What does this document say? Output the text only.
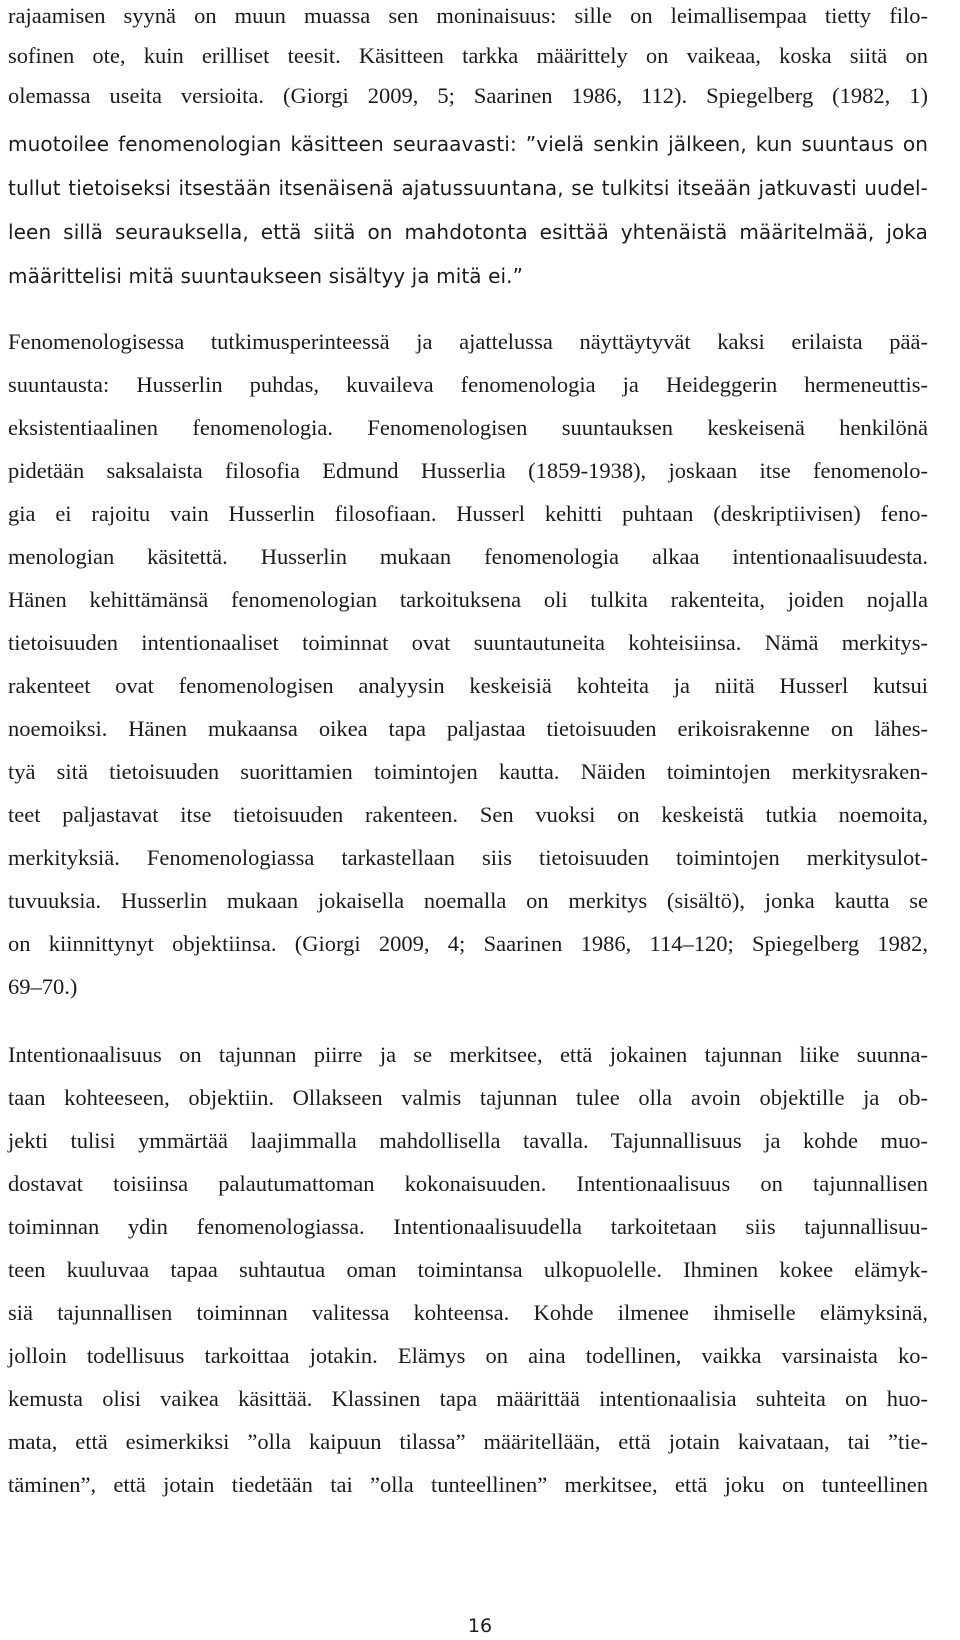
rajaamisen syynä on muun muassa sen moninaisuus: sille on leimallisempaa tietty filo-
sofinen ote, kuin erilliset teesit. Käsitteen tarkka määrittely on vaikeaa, koska siitä on
olemassa useita versioita. (Giorgi 2009, 5; Saarinen 1986, 112). Spiegelberg (1982, 1)
muotoilee fenomenologian käsitteen seuraavasti: ”vielä senkin jälkeen, kun suuntaus on
tullut tietoiseksi itsestään itsenäisenä ajatussuuntana, se tulkitsi itseään jatkuvasti uudel-
leen sillä seurauksella, että siitä on mahdotonta esittää yhtenäistä määritelmää, joka
määrittelisi mitä suuntaukseen sisältyy ja mitä ei.”
Fenomenologisessa tutkimusperinteessä ja ajattelussa näyttäytyvät kaksi erilaista pää-
suuntausta: Husserlin puhdas, kuvaileva fenomenologia ja Heideggerin hermeneuttis-
eksistentiaalinen fenomenologia. Fenomenologisen suuntauksen keskeisenä henkilönä
pidetään saksalaista filosofia Edmund Husserlia (1859-1938), joskaan itse fenomenolo-
gia ei rajoitu vain Husserlin filosofiaan. Husserl kehitti puhtaan (deskriptiivisen) feno-
menologian käsitettä. Husserlin mukaan fenomenologia alkaa intentionaalisuudesta.
Hänen kehittämänsä fenomenologian tarkoituksena oli tulkita rakenteita, joiden nojalla
tietoisuuden intentionaaliset toiminnat ovat suuntautuneita kohteisiinsa. Nämä merkitys-
rakenteet ovat fenomenologisen analyysin keskeisiä kohteita ja niitä Husserl kutsui
noemoiksi. Hänen mukaansa oikea tapa paljastaa tietoisuuden erikoisrakenne on lähes-
tyä sitä tietoisuuden suorittamien toimintojen kautta. Näiden toimintojen merkitysraken-
teet paljastavat itse tietoisuuden rakenteen. Sen vuoksi on keskeistä tutkia noemoita,
merkityksiä. Fenomenologiassa tarkastellaan siis tietoisuuden toimintojen merkitysulot-
tuvuuksia. Husserlin mukaan jokaisella noemalla on merkitys (sisältö), jonka kautta se
on kiinnittynyt objektiinsa. (Giorgi 2009, 4; Saarinen 1986, 114–120; Spiegelberg 1982,
69–70.)
Intentionaalisuus on tajunnan piirre ja se merkitsee, että jokainen tajunnan liike suunna-
taan kohteeseen, objektiin. Ollakseen valmis tajunnan tulee olla avoin objektille ja ob-
jekti tulisi ymmärtää laajimmalla mahdollisella tavalla. Tajunnallisuus ja kohde muo-
dostavat toisiinsa palautumattoman kokonaisuuden. Intentionaalisuus on tajunnallisen
toiminnan ydin fenomenologiassa. Intentionaalisuudella tarkoitetaan siis tajunnallisuu-
teen kuuluvaa tapaa suhtautua oman toimintansa ulkopuolelle. Ihminen kokee elämyk-
siä tajunnallisen toiminnan valitessa kohteensa. Kohde ilmenee ihmiselle elämyksinä,
jolloin todellisuus tarkoittaa jotakin. Elämys on aina todellinen, vaikka varsinaista ko-
kemusta olisi vaikea käsittää. Klassinen tapa määrittää intentionaalisia suhteita on huo-
mata, että esimerkiksi ”olla kaipuun tilassa” määritellään, että jotain kaivataan, tai ”tie-
täminen”, että jotain tiedetään tai ”olla tunteellinen” merkitsee, että joku on tunteellinen
16
